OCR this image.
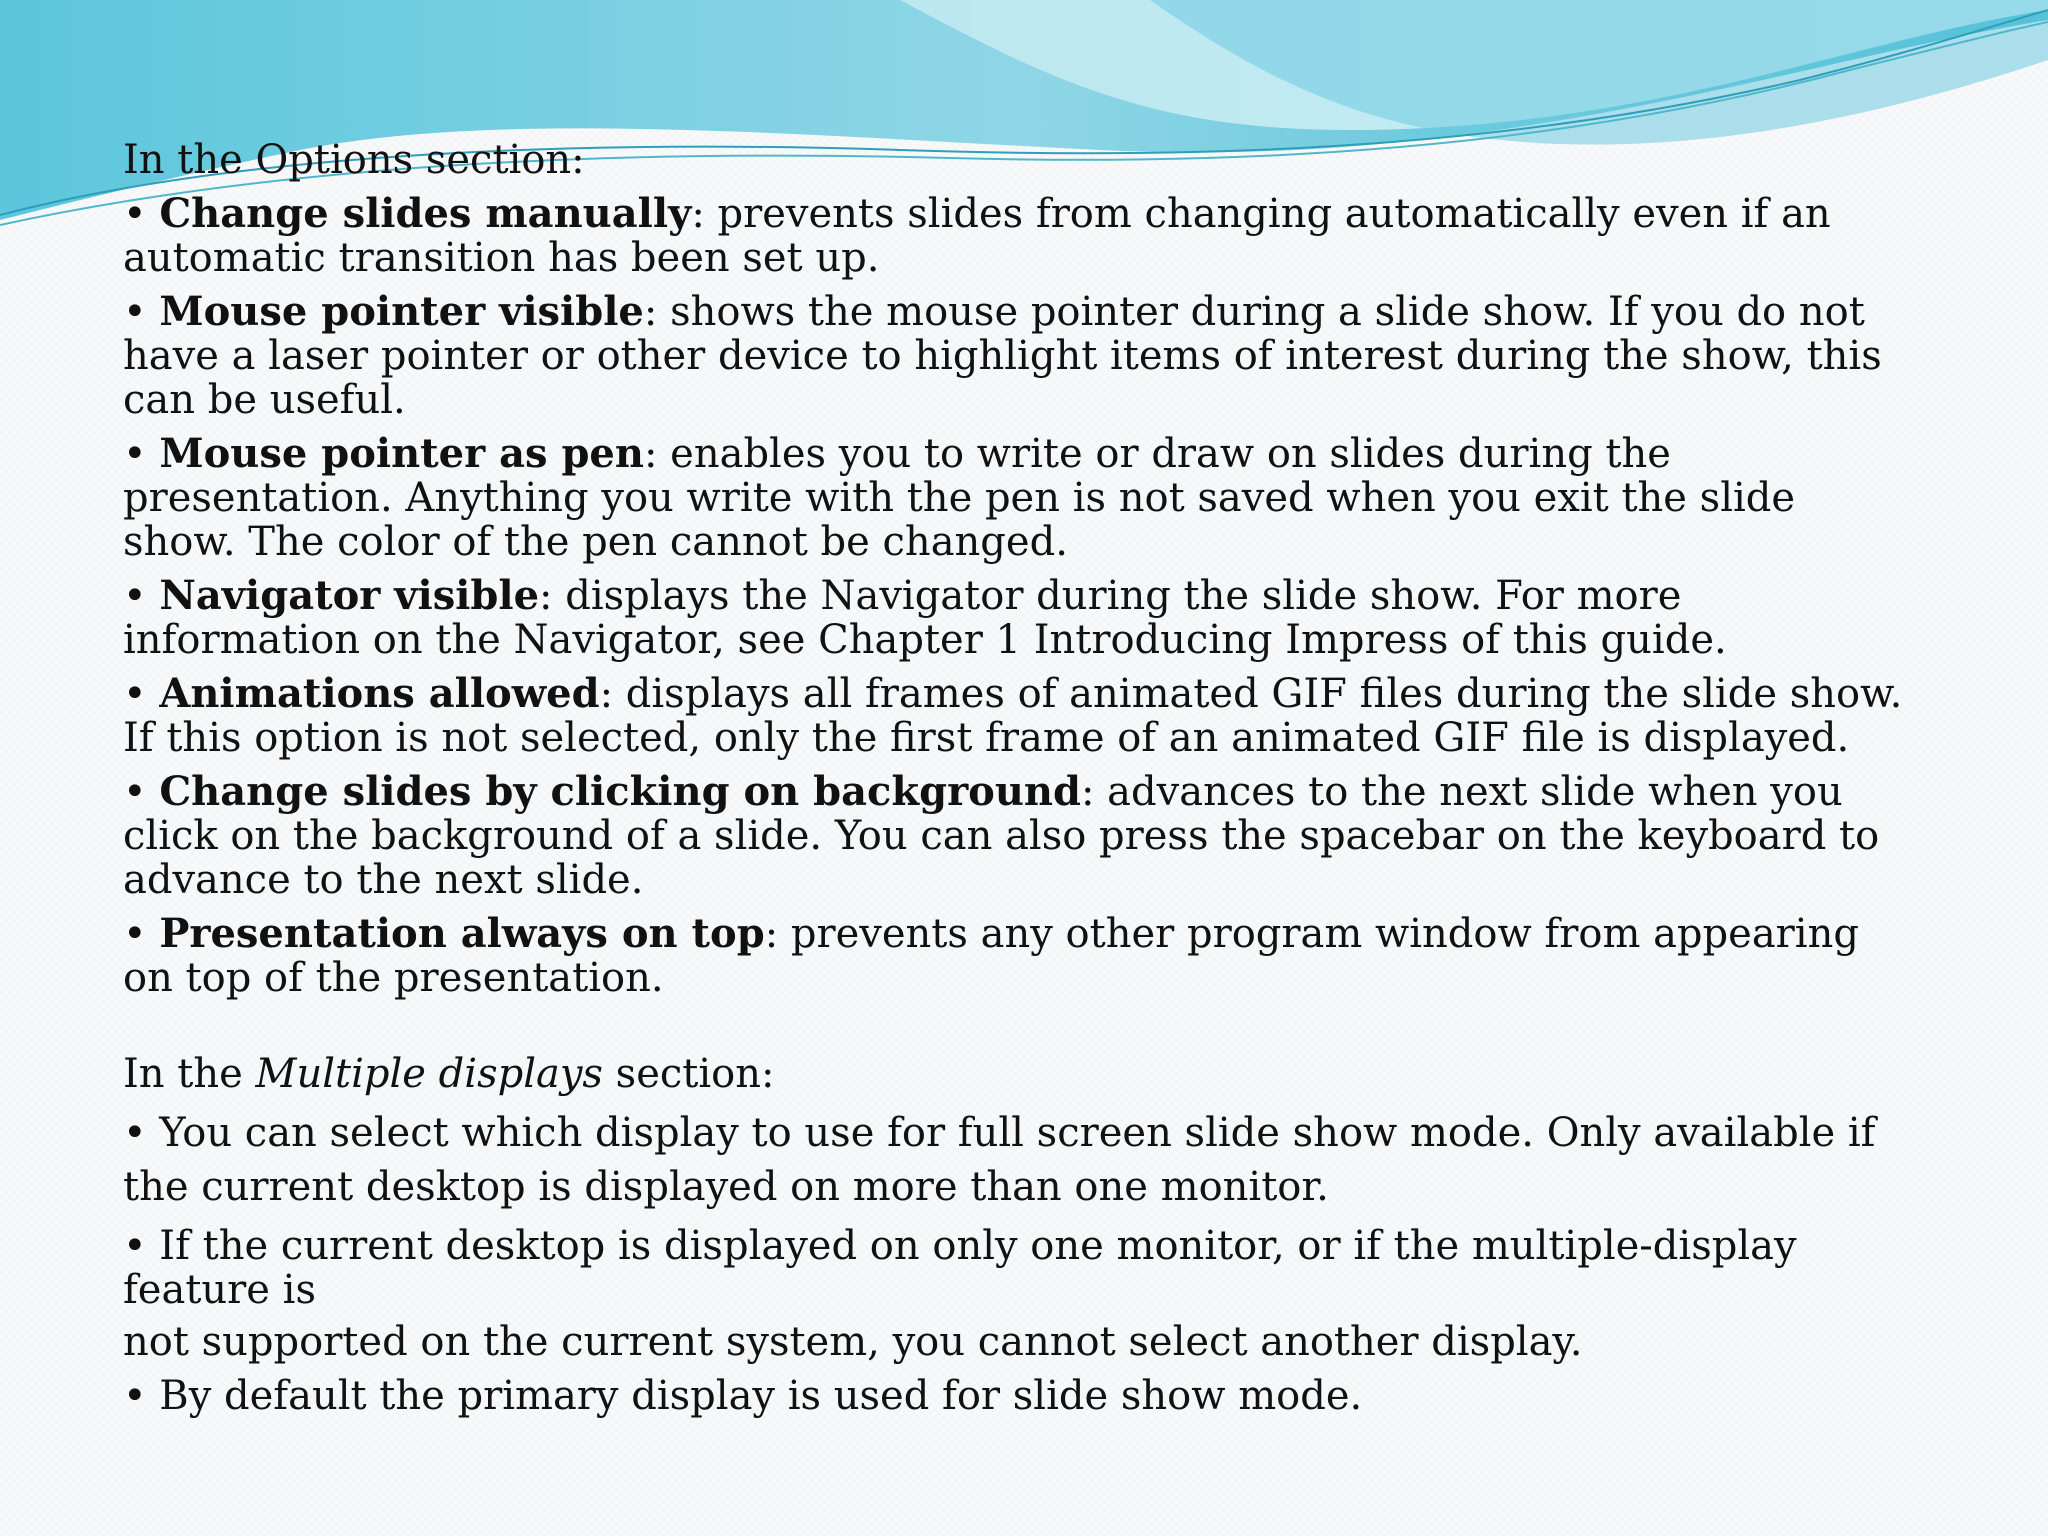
In the Options section:
• Change slides manually: prevents slides from changing automatically even if an automatic transition has been set up.
• Mouse pointer visible: shows the mouse pointer during a slide show. If you do not have a laser pointer or other device to highlight items of interest during the show, this can be useful.
• Mouse pointer as pen: enables you to write or draw on slides during the presentation. Anything you write with the pen is not saved when you exit the slide show. The color of the pen cannot be changed.
• Navigator visible: displays the Navigator during the slide show. For more information on the Navigator, see Chapter 1 Introducing Impress of this guide.
• Animations allowed: displays all frames of animated GIF files during the slide show. If this option is not selected, only the first frame of an animated GIF file is displayed.
• Change slides by clicking on background: advances to the next slide when you click on the background of a slide. You can also press the spacebar on the keyboard to advance to the next slide.
• Presentation always on top: prevents any other program window from appearing on top of the presentation.
In the Multiple displays section:
• You can select which display to use for full screen slide show mode. Only available if the current desktop is displayed on more than one monitor.
• If the current desktop is displayed on only one monitor, or if the multiple-display feature is
not supported on the current system, you cannot select another display.
• By default the primary display is used for slide show mode.
